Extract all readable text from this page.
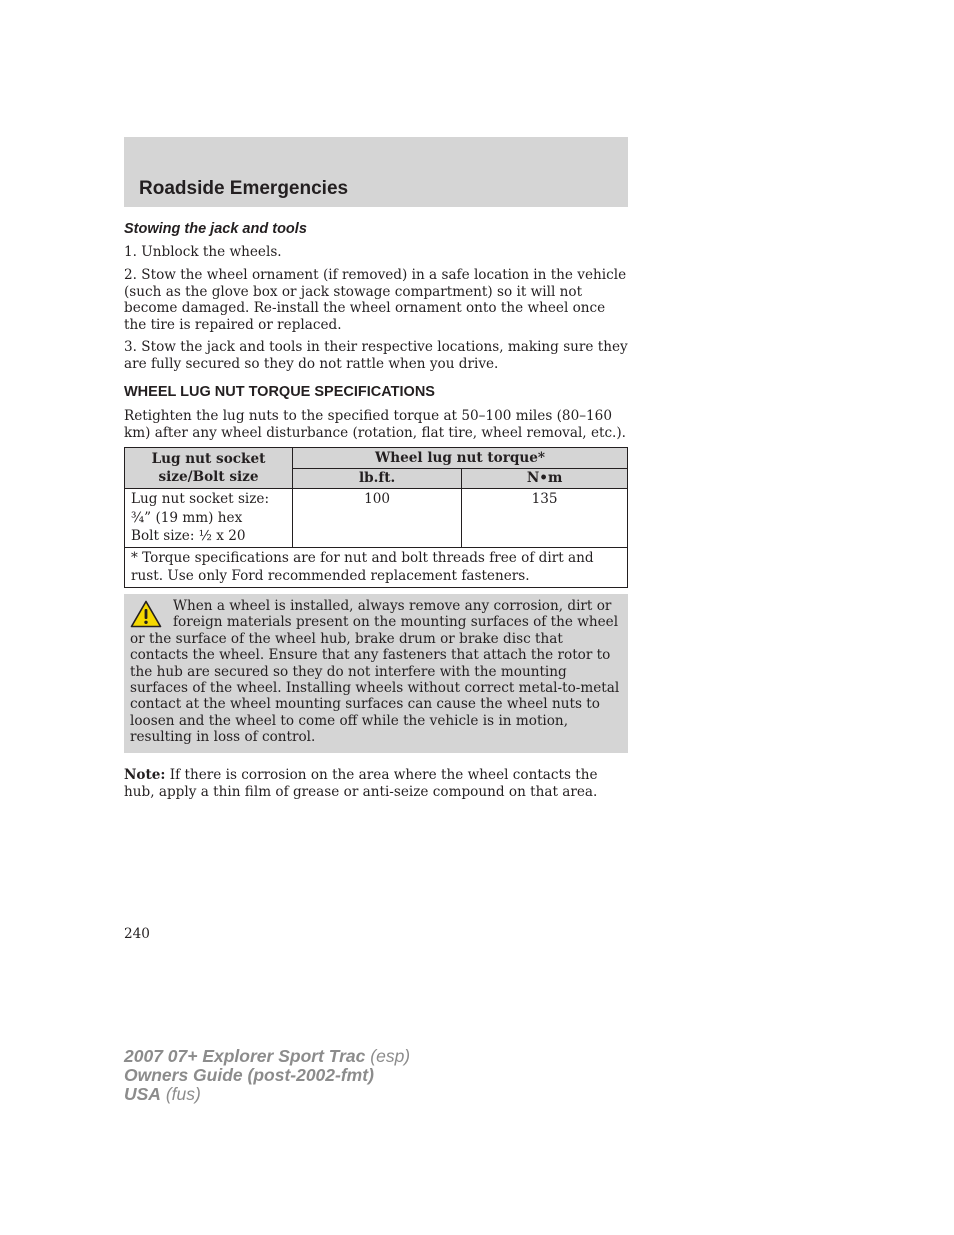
Roadside Emergencies
Stowing the jack and tools

1. Unblock the wheels.

2. Stow the wheel ornament (if removed) in a safe location in the vehicle (such as the glove box or jack stowage compartment) so it will not become damaged. Re-install the wheel ornament onto the wheel once the tire is repaired or replaced.

3. Stow the jack and tools in their respective locations, making sure they are fully secured so they do not rattle when you drive.

WHEEL LUG NUT TORQUE SPECIFICATIONS

Retighten the lug nuts to the specified torque at 50–100 miles (80–160 km) after any wheel disturbance (rotation, flat tire, wheel removal, etc.).

Lug nut socket
size/Bolt size	Wheel lug nut torque*	
	lb.ft.	N•m
Lug nut socket size:
¾” (19 mm) hex
Bolt size: ½ x 20	100	135
* Torque specifications are for nut and bolt threads free of dirt and rust. Use only Ford recommended replacement fasteners.		

When a wheel is installed, always remove any corrosion, dirt or foreign materials present on the mounting surfaces of the wheel or the surface of the wheel hub, brake drum or brake disc that contacts the wheel. Ensure that any fasteners that attach the rotor to the hub are secured so they do not interfere with the mounting surfaces of the wheel. Installing wheels without correct metal-to-metal contact at the wheel mounting surfaces can cause the wheel nuts to loosen and the wheel to come off while the vehicle is in motion, resulting in loss of control.

Note: If there is corrosion on the area where the wheel contacts the hub, apply a thin film of grease or anti-seize compound on that area.

240

2007 07+ Explorer Sport Trac (esp)
Owners Guide (post-2002-fmt)
USA (fus)
